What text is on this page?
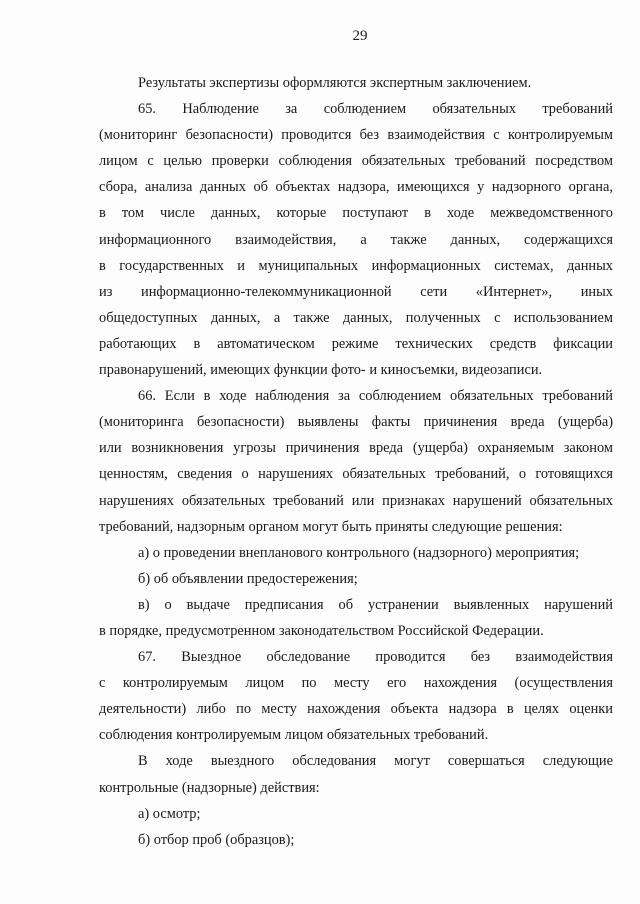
29
Результаты экспертизы оформляются экспертным заключением.
65. Наблюдение за соблюдением обязательных требований
(мониторинг безопасности) проводится без взаимодействия с контролируемым
лицом с целью проверки соблюдения обязательных требований посредством
сбора, анализа данных об объектах надзора, имеющихся у надзорного органа,
в том числе данных, которые поступают в ходе межведомственного
информационного взаимодействия, а также данных, содержащихся
в государственных и муниципальных информационных системах, данных
из информационно-телекоммуникационной сети «Интернет», иных
общедоступных данных, а также данных, полученных с использованием
работающих в автоматическом режиме технических средств фиксации
правонарушений, имеющих функции фото- и киносъемки, видеозаписи.
66. Если в ходе наблюдения за соблюдением обязательных требований
(мониторинга безопасности) выявлены факты причинения вреда (ущерба)
или возникновения угрозы причинения вреда (ущерба) охраняемым законом
ценностям, сведения о нарушениях обязательных требований, о готовящихся
нарушениях обязательных требований или признаках нарушений обязательных
требований, надзорным органом могут быть приняты следующие решения:
а) о проведении внепланового контрольного (надзорного) мероприятия;
б) об объявлении предостережения;
в) о выдаче предписания об устранении выявленных нарушений
в порядке, предусмотренном законодательством Российской Федерации.
67. Выездное обследование проводится без взаимодействия
с контролируемым лицом по месту его нахождения (осуществления
деятельности) либо по месту нахождения объекта надзора в целях оценки
соблюдения контролируемым лицом обязательных требований.
В ходе выездного обследования могут совершаться следующие
контрольные (надзорные) действия:
а) осмотр;
б) отбор проб (образцов);
